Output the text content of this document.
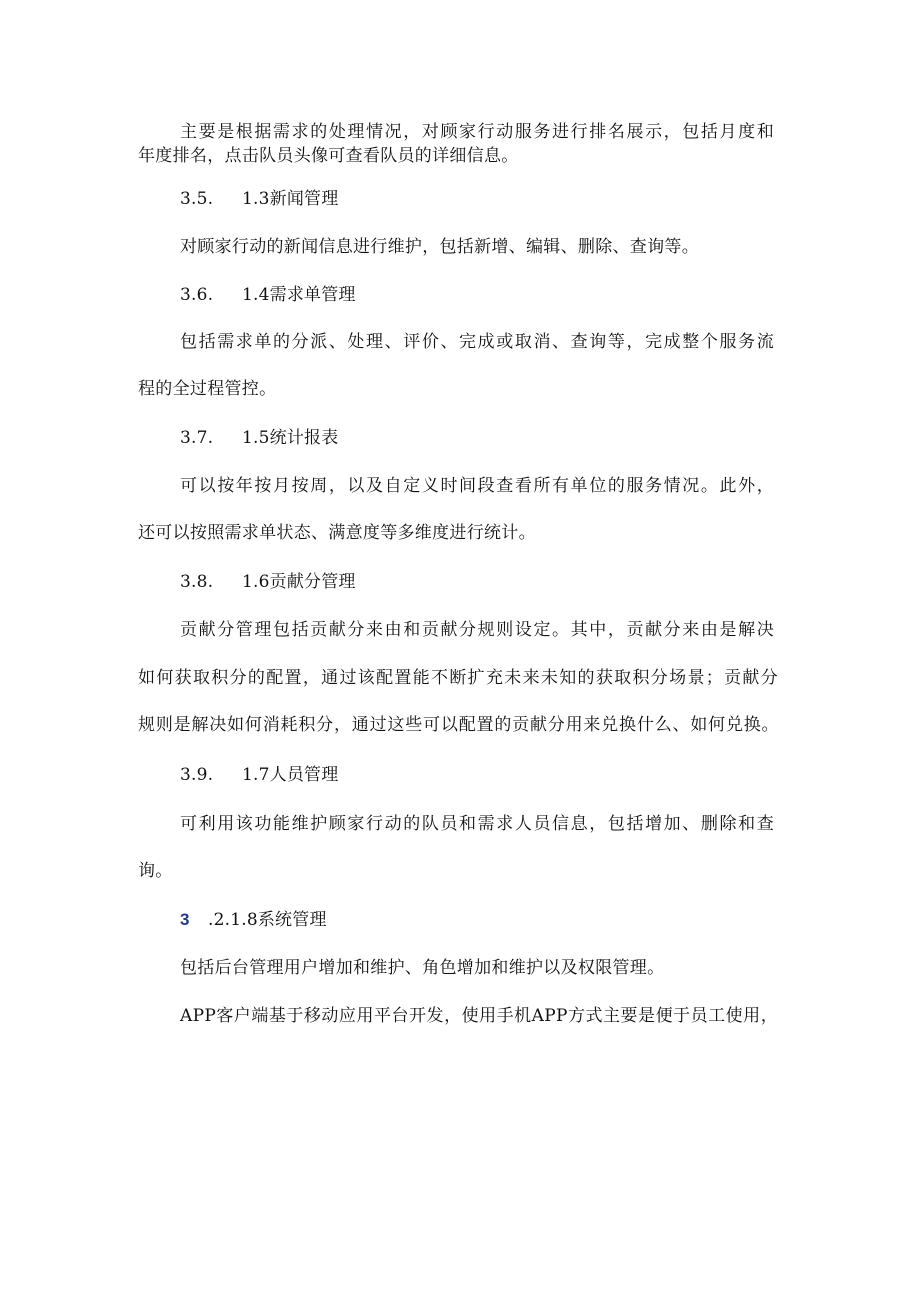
主要是根据需求的处理情况，对顾家行动服务进行排名展示，包括月度和
年度排名，点击队员头像可查看队员的详细信息。
3.5. 1.3新闻管理
对顾家行动的新闻信息进行维护，包括新增、编辑、删除、查询等。
3.6. 1.4需求单管理
包括需求单的分派、处理、评价、完成或取消、查询等，完成整个服务流
程的全过程管控。
3.7. 1.5统计报表
可以按年按月按周，以及自定义时间段查看所有单位的服务情况。此外，
还可以按照需求单状态、满意度等多维度进行统计。
3.8. 1.6贡献分管理
贡献分管理包括贡献分来由和贡献分规则设定。其中，贡献分来由是解决
如何获取积分的配置，通过该配置能不断扩充未来未知的获取积分场景；贡献分
规则是解决如何消耗积分，通过这些可以配置的贡献分用来兑换什么、如何兑换。
3.9. 1.7人员管理
可利用该功能维护顾家行动的队员和需求人员信息，包括增加、删除和查
询。
3 .2.1.8系统管理
包括后台管理用户增加和维护、角色增加和维护以及权限管理。
APP客户端基于移动应用平台开发，使用手机APP方式主要是便于员工使用，
